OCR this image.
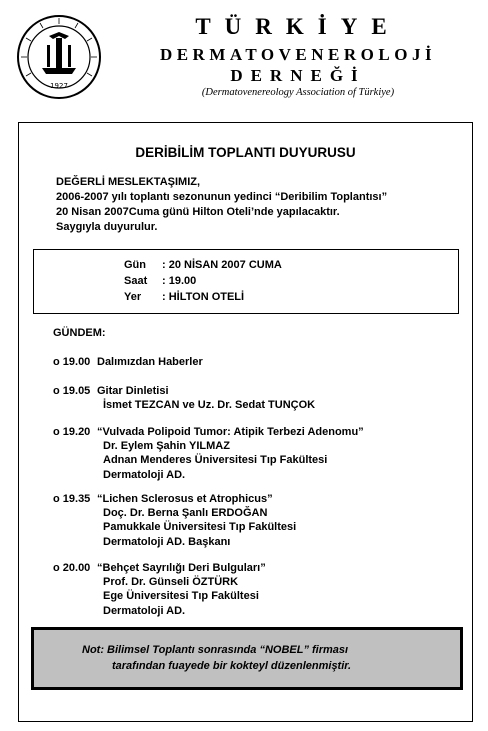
1927
TÜRKİYE
DERMATOVENEROLOJİ
DERNEĞİ
(Dermatovenereology Association of Türkiye)
DERİBİLİM TOPLANTI DUYURUSU
DEĞERLİ MESLEKTAŞIMIZ,
2006-2007 yılı toplantı sezonunun yedinci “Deribilim Toplantısı”
20 Nisan 2007Cuma günü Hilton Oteli’nde yapılacaktır.
Saygıyla duyurulur.
Gün : 20 NİSAN 2007 CUMA
Saat : 19.00
Yer : HİLTON OTELİ
GÜNDEM:
o 19.00 Dalımızdan Haberler
o 19.05 Gitar Dinletisi
İsmet TEZCAN ve Uz. Dr. Sedat TUNÇOK
o 19.20 “Vulvada Polipoid Tumor: Atipik Terbezi Adenomu”
Dr. Eylem Şahin YILMAZ
Adnan Menderes Üniversitesi Tıp Fakültesi
Dermatoloji AD.
o 19.35 “Lichen Sclerosus et Atrophicus”
Doç. Dr. Berna Şanlı ERDOĞAN
Pamukkale Üniversitesi Tıp Fakültesi
Dermatoloji AD. Başkanı
o 20.00 “Behçet Sayrılığı Deri Bulguları”
Prof. Dr. Günseli ÖZTÜRK
Ege Üniversitesi Tıp Fakültesi
Dermatoloji AD.
Not: Bilimsel Toplantı sonrasında “NOBEL” firması
tarafından fuayede bir kokteyl düzenlenmiştir.
